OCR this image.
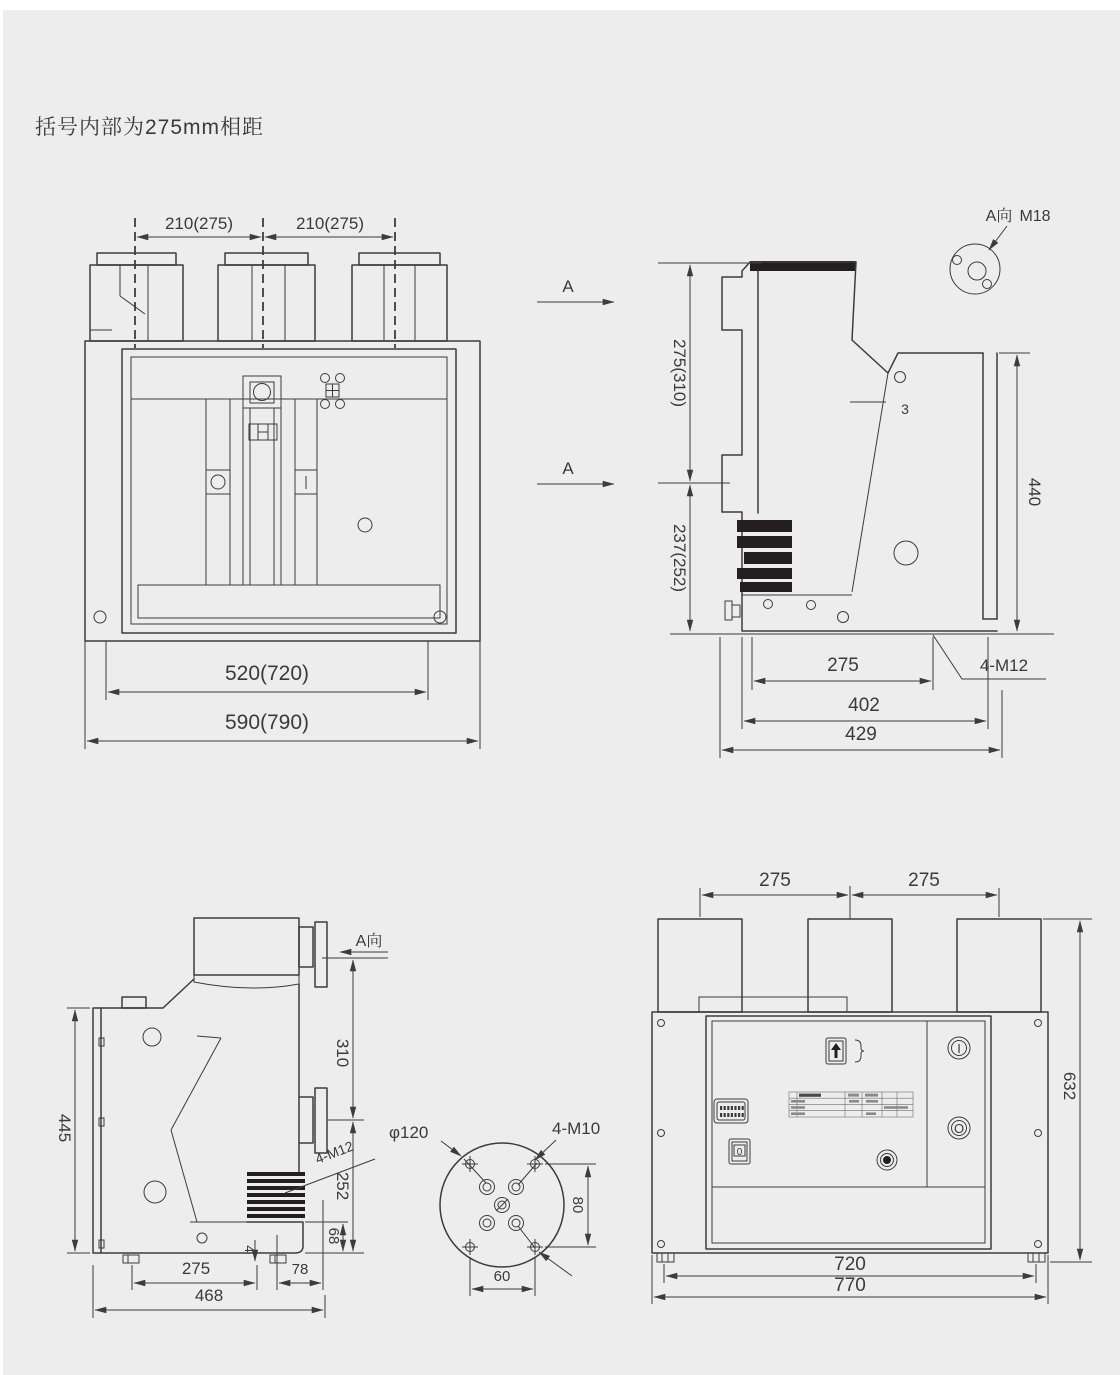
括号内部为275mm相距
210(275)	210(275)
520(720)
590(790)
A
A
A向 M18
3
275(310)
237(252)
440
275
402
429
4-M12
A向
445
310
252
68
4
275	78
468
4-M12
φ120	4-M10
80
60
275	275
I
O
0
632
720
770
